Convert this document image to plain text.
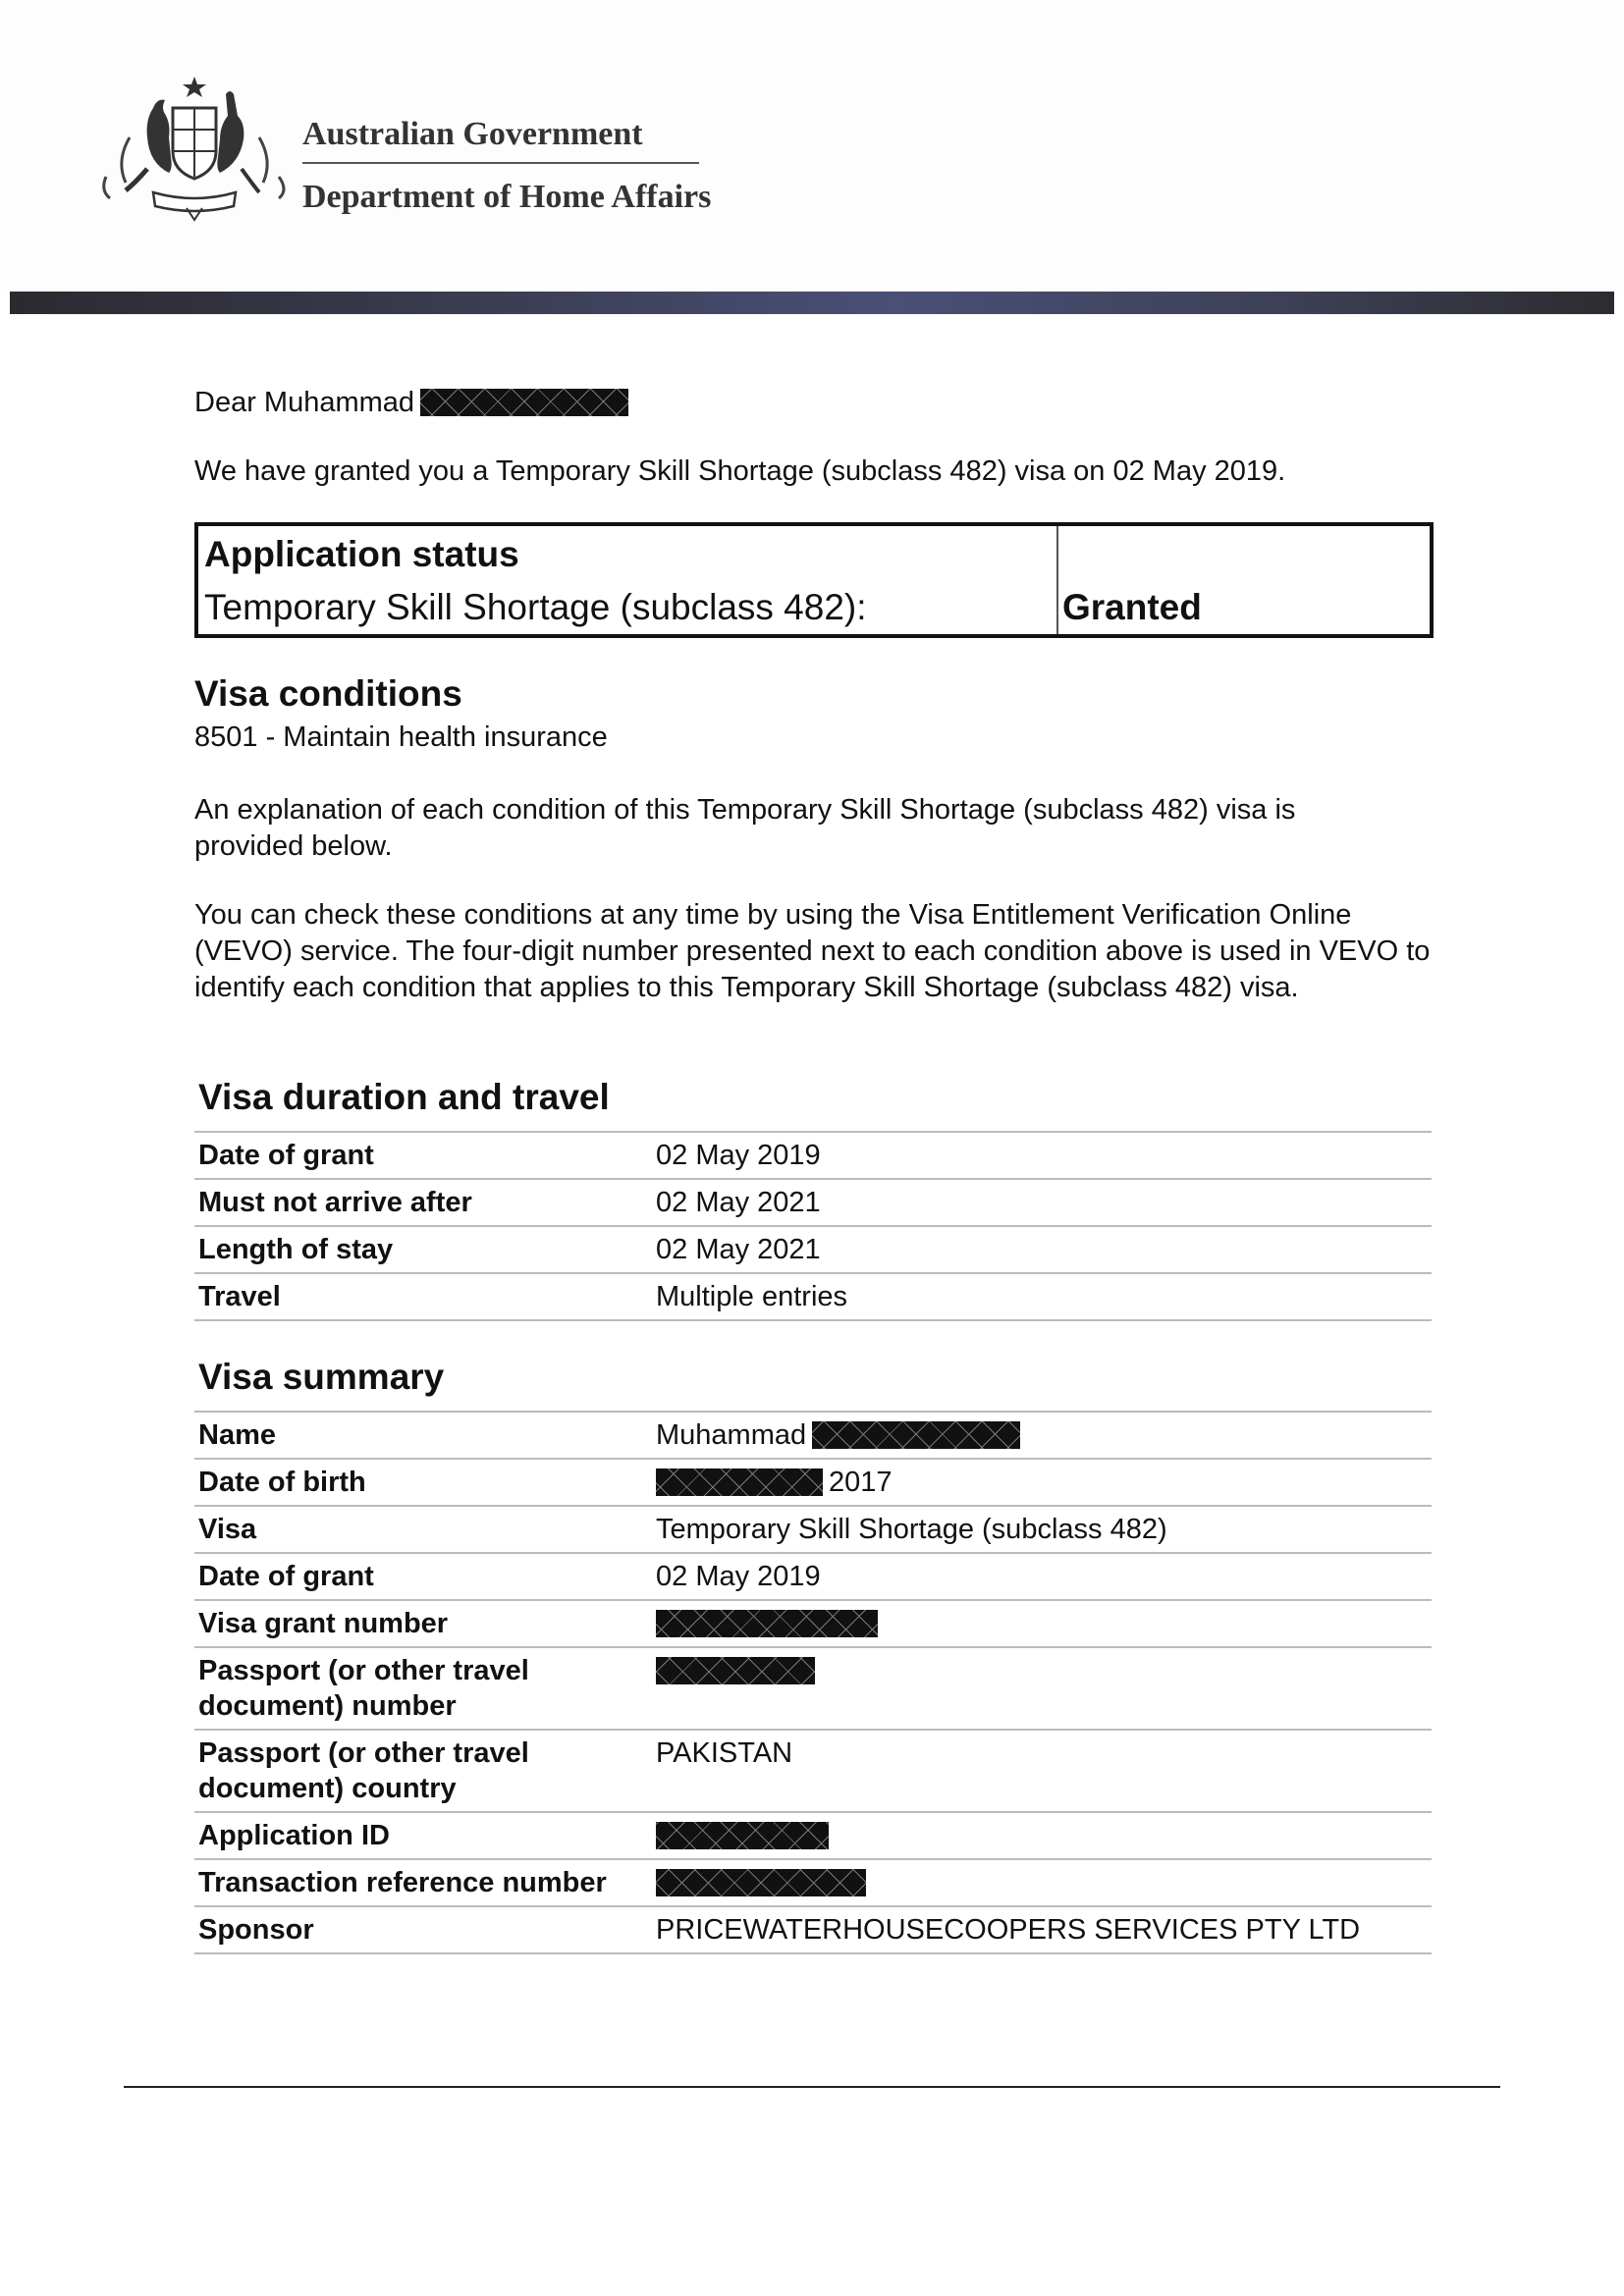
Australian Government
Department of Home Affairs

Dear Muhammad

We have granted you a Temporary Skill Shortage (subclass 482) visa on 02 May 2019.

Application status
Temporary Skill Shortage (subclass 482):	Granted
Visa conditions

8501 - Maintain health insurance

An explanation of each condition of this Temporary Skill Shortage (subclass 482) visa is provided below.

You can check these conditions at any time by using the Visa Entitlement Verification Online (VEVO) service. The four-digit number presented next to each condition above is used in VEVO to identify each condition that applies to this Temporary Skill Shortage (subclass 482) visa.

Visa duration and travel
Date of grant	02 May 2019
Must not arrive after	02 May 2021
Length of stay	02 May 2021
Travel	Multiple entries
Visa summary
Name	Muhammad
Date of birth	2017
Visa	Temporary Skill Shortage (subclass 482)
Date of grant	02 May 2019
Visa grant number	
Passport (or other travel document) number	
Passport (or other travel document) country	PAKISTAN
Application ID	
Transaction reference number	
Sponsor	PRICEWATERHOUSECOOPERS SERVICES PTY LTD
